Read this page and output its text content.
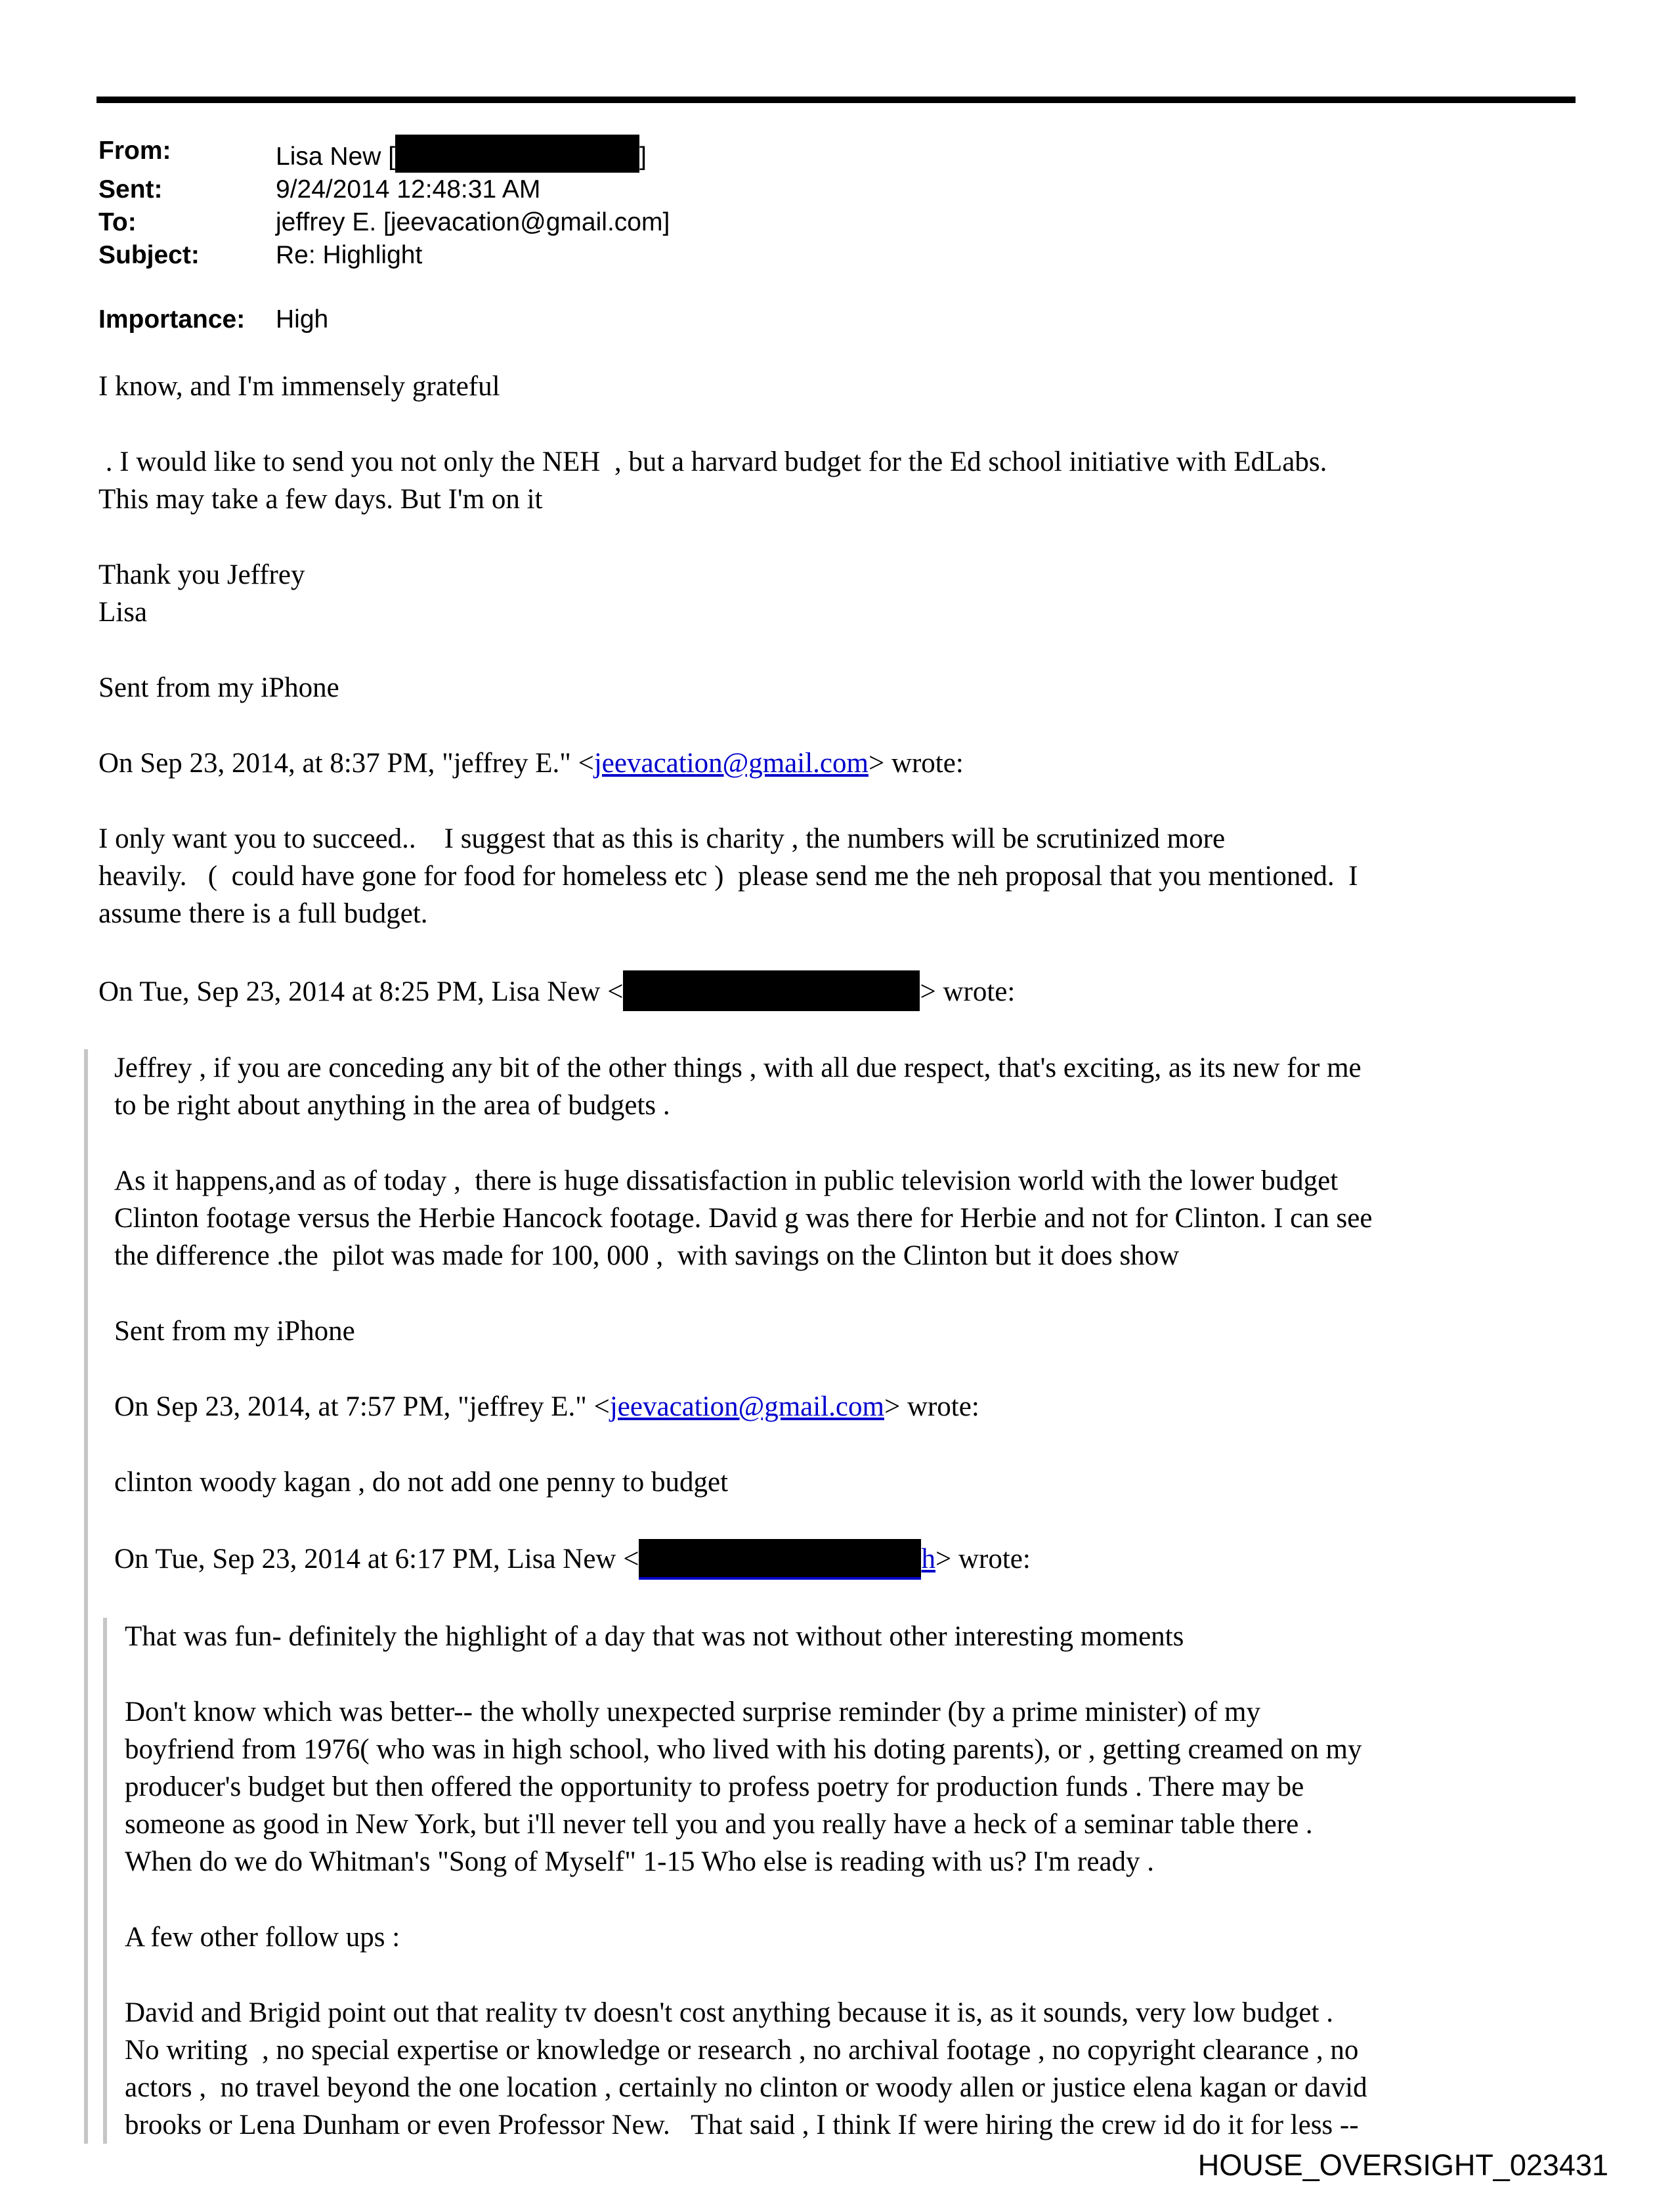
From:	Lisa New [	]
Sent:	9/24/2014 12:48:31 AM
To:	jeffrey E. [jeevacation@gmail.com]
Subject:	Re: Highlight
Importance:	High

I know, and I'm immensely grateful

. I would like to send you not only the NEH  , but a harvard budget for the Ed school initiative with EdLabs.
This may take a few days. But I'm on it

Thank you Jeffrey
Lisa

Sent from my iPhone

On Sep 23, 2014, at 8:37 PM, "jeffrey E." <jeevacation@gmail.com> wrote:

I only want you to succeed..    I suggest that as this is charity , the numbers will be scrutinized more
heavily.   (  could have gone for food for homeless etc )  please send me the neh proposal that you mentioned.  I
assume there is a full budget.

On Tue, Sep 23, 2014 at 8:25 PM, Lisa New <	> wrote:

Jeffrey , if you are conceding any bit of the other things , with all due respect, that's exciting, as its new for me
to be right about anything in the area of budgets .

As it happens,and as of today ,  there is huge dissatisfaction in public television world with the lower budget
Clinton footage versus the Herbie Hancock footage. David g was there for Herbie and not for Clinton. I can see
the difference .the  pilot was made for 100, 000 ,  with savings on the Clinton but it does show

Sent from my iPhone

On Sep 23, 2014, at 7:57 PM, "jeffrey E." <jeevacation@gmail.com> wrote:

clinton woody kagan , do not add one penny to budget

On Tue, Sep 23, 2014 at 6:17 PM, Lisa New <	h> wrote:

That was fun- definitely the highlight of a day that was not without other interesting moments

Don't know which was better-- the wholly unexpected surprise reminder (by a prime minister) of my
boyfriend from 1976( who was in high school, who lived with his doting parents), or , getting creamed on my
producer's budget but then offered the opportunity to profess poetry for production funds . There may be
someone as good in New York, but i'll never tell you and you really have a heck of a seminar table there .
When do we do Whitman's "Song of Myself" 1-15 Who else is reading with us? I'm ready .

A few other follow ups :

David and Brigid point out that reality tv doesn't cost anything because it is, as it sounds, very low budget .
No writing  , no special expertise or knowledge or research , no archival footage , no copyright clearance , no
actors ,  no travel beyond the one location , certainly no clinton or woody allen or justice elena kagan or david
brooks or Lena Dunham or even Professor New.   That said , I think If were hiring the crew id do it for less --

HOUSE_OVERSIGHT_023431
